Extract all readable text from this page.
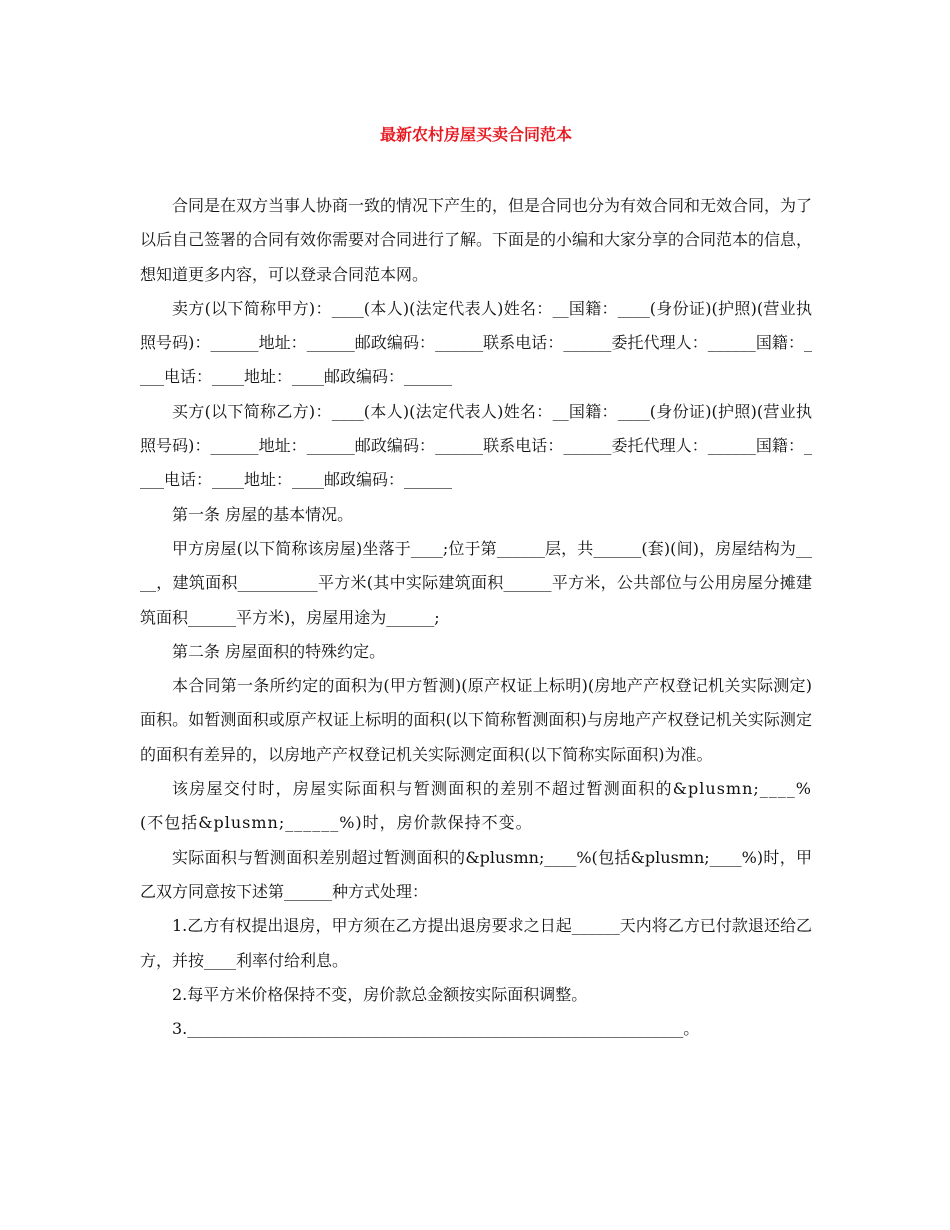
最新农村房屋买卖合同范本

合同是在双方当事人协商一致的情况下产生的，但是合同也分为有效合同和无效合同，为了以后自己签署的合同有效你需要对合同进行了解。下面是的小编和大家分享的合同范本的信息，想知道更多内容，可以登录合同范本网。

卖方(以下简称甲方)：____(本人)(法定代表人)姓名：__国籍：____(身份证)(护照)(营业执照号码)：______地址：______邮政编码：______联系电话：______委托代理人：______国籍：____电话：____地址：____邮政编码：______

买方(以下简称乙方)：____(本人)(法定代表人)姓名：__国籍：____(身份证)(护照)(营业执照号码)：______地址：______邮政编码：______联系电话：______委托代理人：______国籍：____电话：____地址：____邮政编码：______

第一条 房屋的基本情况。

甲方房屋(以下简称该房屋)坐落于____;位于第______层，共______(套)(间)，房屋结构为____，建筑面积__________平方米(其中实际建筑面积______平方米，公共部位与公用房屋分摊建筑面积______平方米)，房屋用途为______;

第二条 房屋面积的特殊约定。

本合同第一条所约定的面积为(甲方暂测)(原产权证上标明)(房地产产权登记机关实际测定)面积。如暂测面积或原产权证上标明的面积(以下简称暂测面积)与房地产产权登记机关实际测定的面积有差异的，以房地产产权登记机关实际测定面积(以下简称实际面积)为准。

该房屋交付时，房屋实际面积与暂测面积的差别不超过暂测面积的&plusmn;____%(不包括&plusmn;______%)时，房价款保持不变。

实际面积与暂测面积差别超过暂测面积的&plusmn;____%(包括&plusmn;____%)时，甲乙双方同意按下述第______种方式处理：

1.乙方有权提出退房，甲方须在乙方提出退房要求之日起______天内将乙方已付款退还给乙方，并按____利率付给利息。

2.每平方米价格保持不变，房价款总金额按实际面积调整。

3.______________________________________________________________。
